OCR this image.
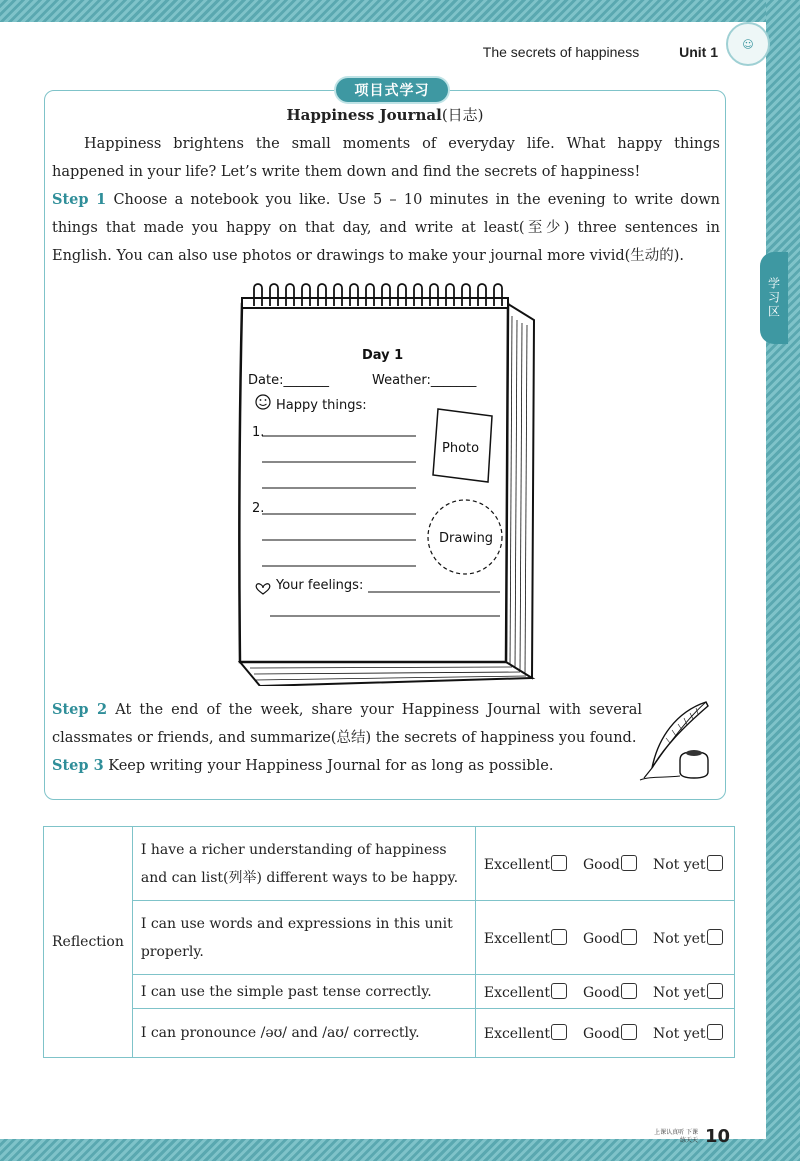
学习区
☺
The secrets of happiness	Unit 1
项目式学习
Happiness Journal(日志)
Happiness brightens the small moments of everyday life. What happy things happened in your life? Let’s write them down and find the secrets of happiness!
Step 1 Choose a notebook you like. Use 5 – 10 minutes in the evening to write down things that made you happy on that day, and write at least(至少) three sentences in English. You can also use photos or drawings to make your journal more vivid(生动的).
Day 1
Date:_______	Weather:_______
Happy things:
1.
2.
Photo
Drawing
Your feelings:
Step 2 At the end of the week, share your Happiness Journal with several classmates or friends, and summarize(总结) the secrets of happiness you found.
Step 3 Keep writing your Happiness Journal for as long as possible.
Reflection	I have a richer understanding of happiness and can list(列举) different ways to be happy.	Excellent Good Not yet
	I can use words and expressions in this unit properly.	Excellent Good Not yet
	I can use the simple past tense correctly.	Excellent Good Not yet
	I can pronounce /əʊ/ and /aʊ/ correctly.	Excellent Good Not yet
上课认真听 下课练天天 10
